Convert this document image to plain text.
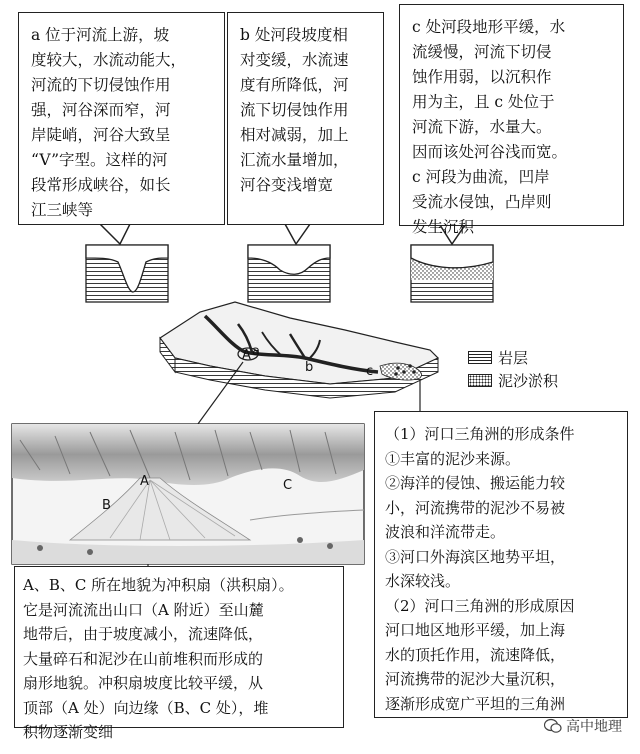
A a
b	c
A
B
C
a 位于河流上游，坡
度较大，水流动能大，
河流的下切侵蚀作用
强，河谷深而窄，河
岸陡峭，河谷大致呈
“V”字型。这样的河
段常形成峡谷，如长
江三峡等
b 处河段坡度相
对变缓，水流速
度有所降低，河
流下切侵蚀作用
相对减弱，加上
汇流水量增加，
河谷变浅增宽
c 处河段地形平缓，水
流缓慢，河流下切侵
蚀作用弱，以沉积作
用为主，且 c 处位于
河流下游，水量大。
因而该处河谷浅而宽。
c 河段为曲流，凹岸
受流水侵蚀，凸岸则
发生沉积
岩层
泥沙淤积
A、B、C 所在地貌为冲积扇（洪积扇）。
它是河流流出山口（A 附近）至山麓
地带后，由于坡度减小，流速降低，
大量碎石和泥沙在山前堆积而形成的
扇形地貌。冲积扇坡度比较平缓，从
顶部（A 处）向边缘（B、C 处），堆
积物逐渐变细
（1）河口三角洲的形成条件
①丰富的泥沙来源。
②海洋的侵蚀、搬运能力较
小，河流携带的泥沙不易被
波浪和洋流带走。
③河口外海滨区地势平坦，
水深较浅。
（2）河口三角洲的形成原因
河口地区地形平缓，加上海
水的顶托作用，流速降低，
河流携带的泥沙大量沉积，
逐渐形成宽广平坦的三角洲
高中地理
